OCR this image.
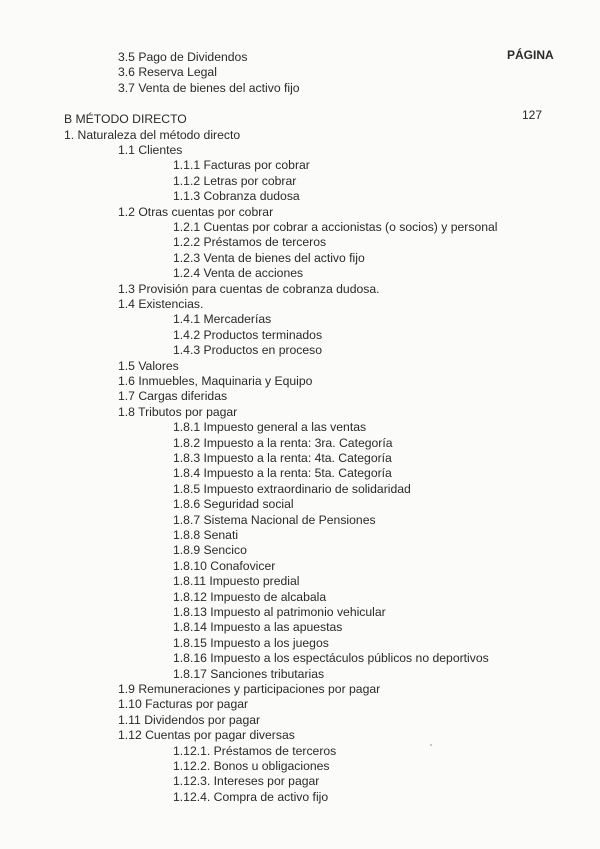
PÁGINA
127
3.5 Pago de Dividendos
3.6 Reserva Legal
3.7 Venta de bienes del activo fijo
B MÉTODO DIRECTO
1. Naturaleza del método directo
1.1 Clientes
1.1.1 Facturas por cobrar
1.1.2 Letras por cobrar
1.1.3 Cobranza dudosa
1.2 Otras cuentas por cobrar
1.2.1 Cuentas por cobrar a accionistas (o socios) y personal
1.2.2 Préstamos de terceros
1.2.3 Venta de bienes del activo fijo
1.2.4 Venta de acciones
1.3 Provisión para cuentas de cobranza dudosa.
1.4 Existencias.
1.4.1 Mercaderías
1.4.2 Productos terminados
1.4.3 Productos en proceso
1.5 Valores
1.6 Inmuebles, Maquinaria y Equipo
1.7 Cargas diferidas
1.8 Tributos por pagar
1.8.1 Impuesto general a las ventas
1.8.2 Impuesto a la renta: 3ra. Categoría
1.8.3 Impuesto a la renta: 4ta. Categoría
1.8.4 Impuesto a la renta: 5ta. Categoría
1.8.5 Impuesto extraordinario de solidaridad
1.8.6 Seguridad social
1.8.7 Sistema Nacional de Pensiones
1.8.8 Senati
1.8.9 Sencico
1.8.10 Conafovicer
1.8.11 Impuesto predial
1.8.12 Impuesto de alcabala
1.8.13 Impuesto al patrimonio vehicular
1.8.14 Impuesto a las apuestas
1.8.15 Impuesto a los juegos
1.8.16 Impuesto a los espectáculos públicos no deportivos
1.8.17 Sanciones tributarias
1.9 Remuneraciones y participaciones por pagar
1.10 Facturas por pagar
1.11 Dividendos por pagar
1.12 Cuentas por pagar diversas
1.12.1. Préstamos de terceros
1.12.2. Bonos u obligaciones
1.12.3. Intereses por pagar
1.12.4. Compra de activo fijo
